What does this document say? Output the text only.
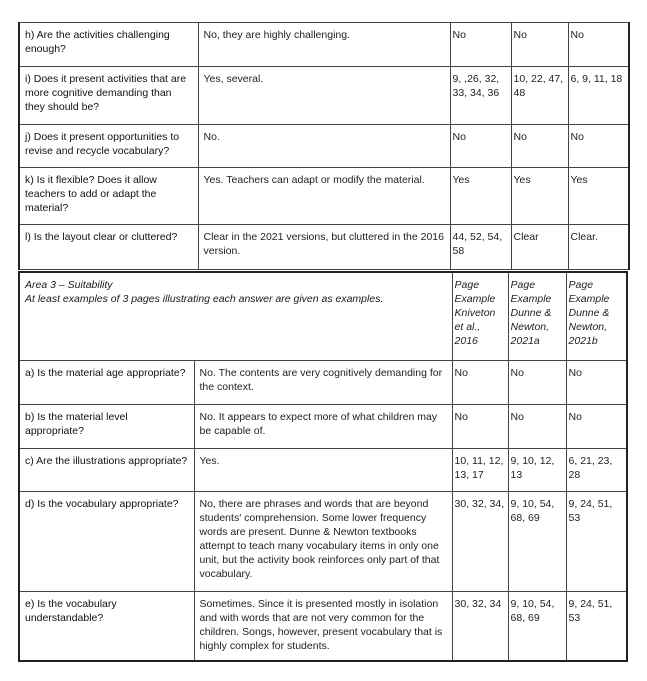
h) Are the activities challenging enough?	No, they are highly challenging.	No	No	No
i) Does it present activities that are more cognitive demanding than they should be?	Yes, several.	9, ,26, 32, 33, 34, 36	10, 22, 47, 48	6, 9, 11, 18
j) Does it present opportunities to revise and recycle vocabulary?	No.	No	No	No
k) Is it flexible? Does it allow teachers to add or adapt the material?	Yes. Teachers can adapt or modify the material.	Yes	Yes	Yes
l) Is the layout clear or cluttered?	Clear in the 2021 versions, but cluttered in the 2016 version.	44, 52, 54, 58	Clear	Clear.
Area 3 – Suitability
At least examples of 3 pages illustrating each answer are given as examples.		Page Example Kniveton et al., 2016	Page Example Dunne & Newton, 2021a	Page Example Dunne & Newton, 2021b
a) Is the material age appropriate?	No. The contents are very cognitively demanding for the context.	No	No	No
b) Is the material level appropriate?	No. It appears to expect more of what children may be capable of.	No	No	No
c) Are the illustrations appropriate?	Yes.	10, 11, 12, 13, 17	9, 10, 12, 13	6, 21, 23, 28
d) Is the vocabulary appropriate?	No, there are phrases and words that are beyond students' comprehension. Some lower frequency words are present. Dunne & Newton textbooks attempt to teach many vocabulary items in only one unit, but the activity book reinforces only part of that vocabulary.	30, 32, 34,	9, 10, 54, 68, 69	9, 24, 51, 53
e) Is the vocabulary understandable?	Sometimes. Since it is presented mostly in isolation and with words that are not very common for the children. Songs, however, present vocabulary that is highly complex for students.	30, 32, 34	9, 10, 54, 68, 69	9, 24, 51, 53
